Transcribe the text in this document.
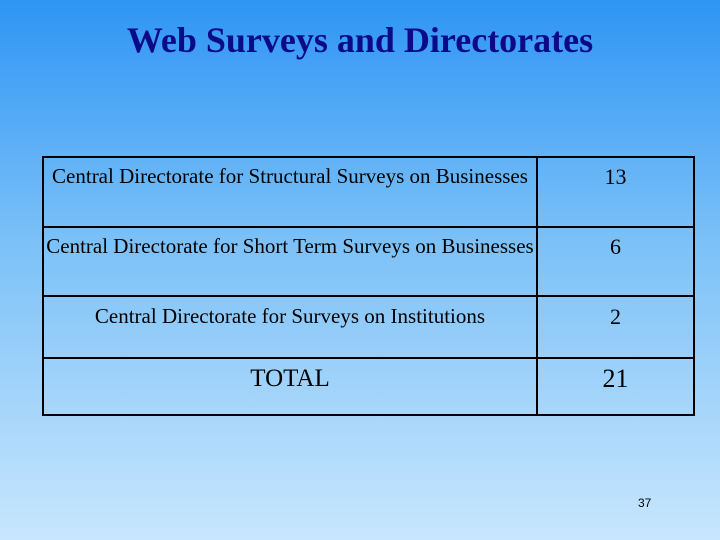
Web Surveys and Directorates
Central Directorate for Structural Surveys on Businesses	13
Central Directorate for Short Term Surveys on Businesses	6
Central Directorate for Surveys on Institutions	2
TOTAL	21
37
